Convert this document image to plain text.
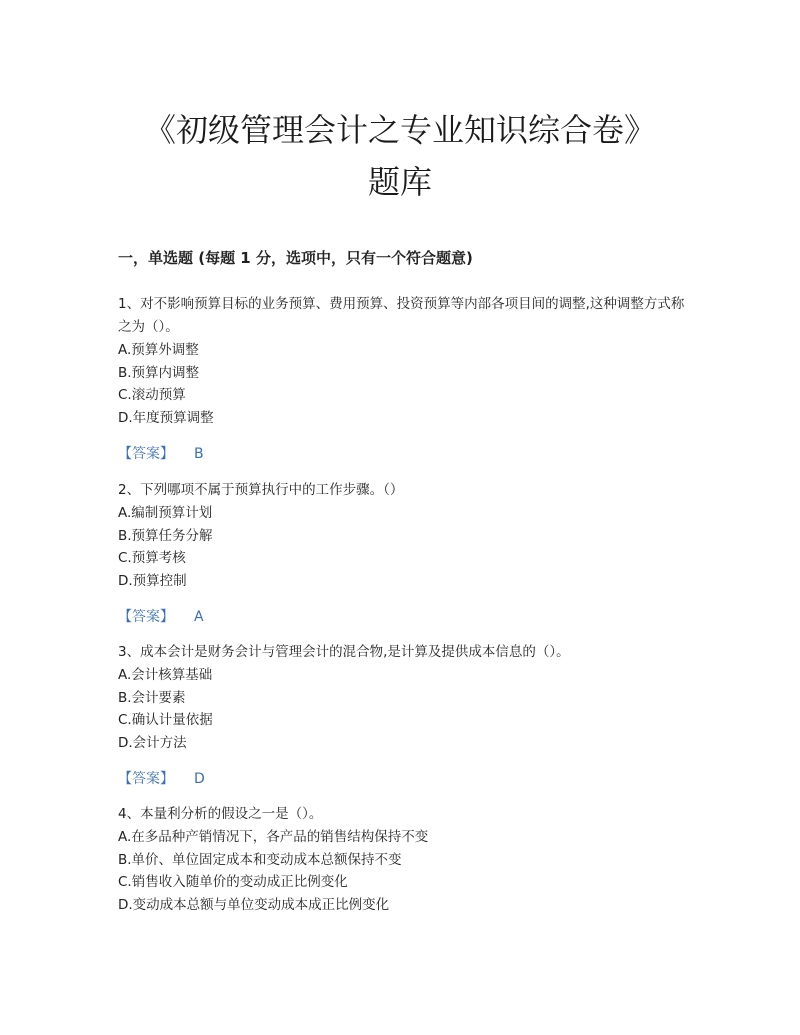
《初级管理会计之专业知识综合卷》
题库
一，单选题 (每题 1 分，选项中，只有一个符合题意)

1、对不影响预算目标的业务预算、费用预算、投资预算等内部各项目间的调整,这种调整方式称之为（）。

A.预算外调整

B.预算内调整

C.滚动预算

D.年度预算调整

【答案】 B

2、下列哪项不属于预算执行中的工作步骤。（）

A.编制预算计划

B.预算任务分解

C.预算考核

D.预算控制

【答案】 A

3、成本会计是财务会计与管理会计的混合物,是计算及提供成本信息的（）。

A.会计核算基础

B.会计要素

C.确认计量依据

D.会计方法

【答案】 D

4、本量利分析的假设之一是（）。

A.在多品种产销情况下，各产品的销售结构保持不变

B.单价、单位固定成本和变动成本总额保持不变

C.销售收入随单价的变动成正比例变化

D.变动成本总额与单位变动成本成正比例变化
